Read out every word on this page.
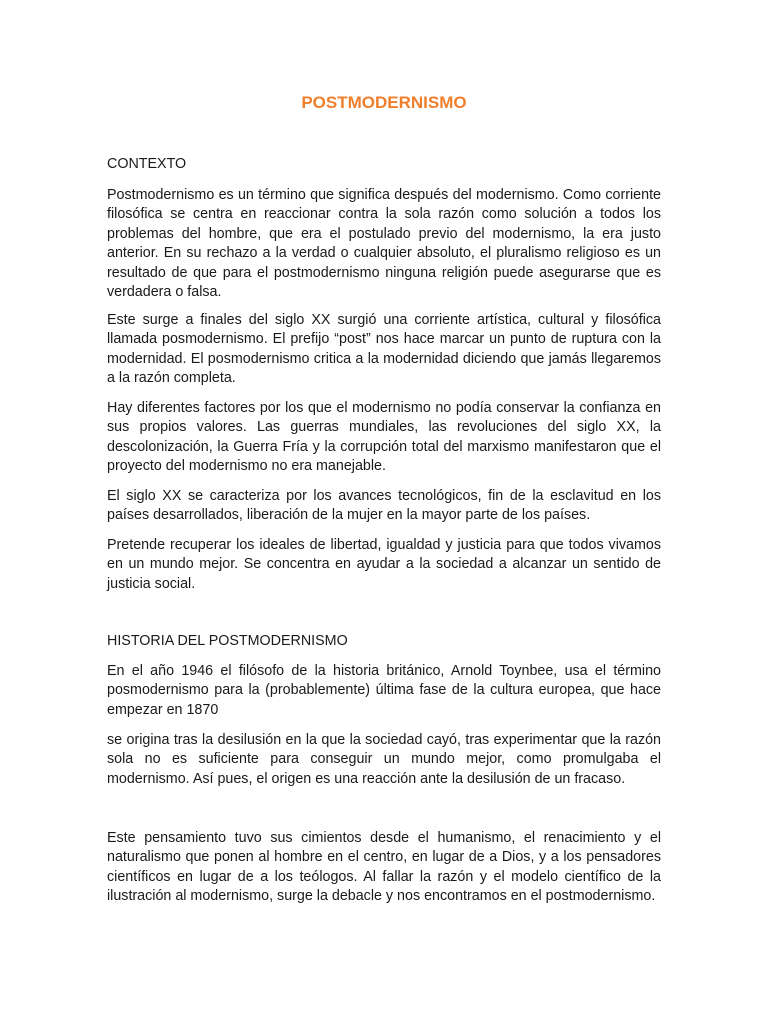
POSTMODERNISMO
CONTEXTO

Postmodernismo es un término que significa después del modernismo. Como corriente filosófica se centra en reaccionar contra la sola razón como solución a todos los problemas del hombre, que era el postulado previo del modernismo, la era justo anterior. En su rechazo a la verdad o cualquier absoluto, el pluralismo religioso es un resultado de que para el postmodernismo ninguna religión puede asegurarse que es verdadera o falsa.

Este surge a finales del siglo XX surgió una corriente artística, cultural y filosófica llamada posmodernismo. El prefijo “post” nos hace marcar un punto de ruptura con la modernidad. El posmodernismo critica a la modernidad diciendo que jamás llegaremos a la razón completa.

Hay diferentes factores por los que el modernismo no podía conservar la confianza en sus propios valores. Las guerras mundiales, las revoluciones del siglo XX, la descolonización, la Guerra Fría y la corrupción total del marxismo manifestaron que el proyecto del modernismo no era manejable.

El siglo XX se caracteriza por los avances tecnológicos, fin de la esclavitud en los países desarrollados, liberación de la mujer en la mayor parte de los países.

Pretende recuperar los ideales de libertad, igualdad y justicia para que todos vivamos en un mundo mejor. Se concentra en ayudar a la sociedad a alcanzar un sentido de justicia social.

HISTORIA DEL POSTMODERNISMO

En el año 1946 el filósofo de la historia británico, Arnold Toynbee, usa el término posmodernismo para la (probablemente) última fase de la cultura europea, que hace empezar en 1870

se origina tras la desilusión en la que la sociedad cayó, tras experimentar que la razón sola no es suficiente para conseguir un mundo mejor, como promulgaba el modernismo. Así pues, el origen es una reacción ante la desilusión de un fracaso.

Este pensamiento tuvo sus cimientos desde el humanismo, el renacimiento y el naturalismo que ponen al hombre en el centro, en lugar de a Dios, y a los pensadores científicos en lugar de a los teólogos. Al fallar la razón y el modelo científico de la ilustración al modernismo, surge la debacle y nos encontramos en el postmodernismo.
